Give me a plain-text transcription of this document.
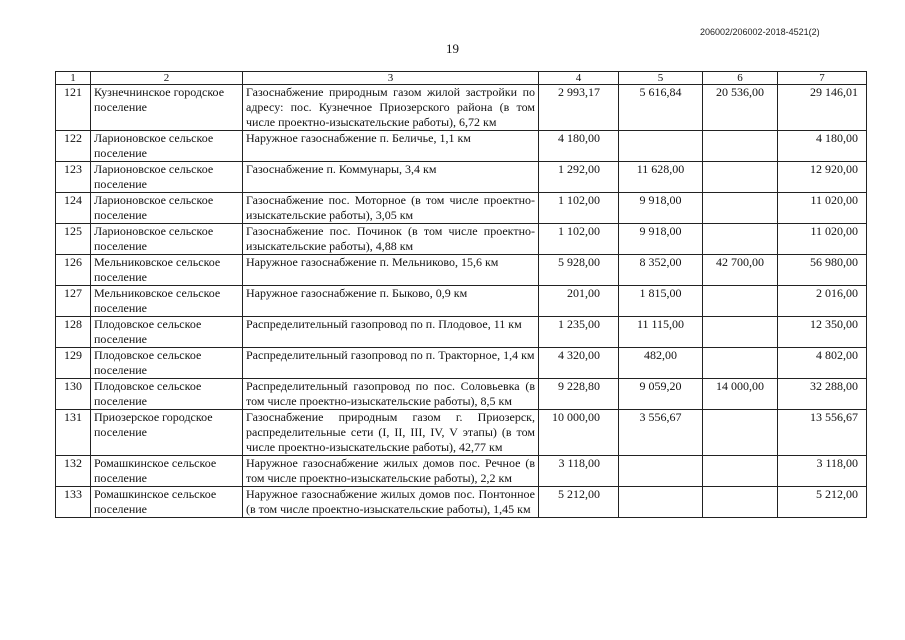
206002/206002-2018-4521(2)
19
1	2	3	4	5	6	7
121	Кузнечнинское городское поселение	Газоснабжение природным газом жилой застройки по адресу: пос. Кузнечное Приозерского района (в том числе проектно-изыскательские работы), 6,72 км	2 993,17	5 616,84	20 536,00	29 146,01
122	Ларионовское сельское поселение	Наружное газоснабжение п. Беличье, 1,1 км	4 180,00			4 180,00
123	Ларионовское сельское поселение	Газоснабжение п. Коммунары, 3,4 км	1 292,00	11 628,00		12 920,00
124	Ларионовское сельское поселение	Газоснабжение пос. Моторное (в том числе проектно-изыскательские работы), 3,05 км	1 102,00	9 918,00		11 020,00
125	Ларионовское сельское поселение	Газоснабжение пос. Починок (в том числе проектно-изыскательские работы), 4,88 км	1 102,00	9 918,00		11 020,00
126	Мельниковское сельское поселение	Наружное газоснабжение п. Мельниково, 15,6 км	5 928,00	8 352,00	42 700,00	56 980,00
127	Мельниковское сельское поселение	Наружное газоснабжение п. Быково, 0,9 км	201,00	1 815,00		2 016,00
128	Плодовское сельское поселение	Распределительный газопровод по п. Плодовое, 11 км	1 235,00	11 115,00		12 350,00
129	Плодовское сельское поселение	Распределительный газопровод по п. Тракторное, 1,4 км	4 320,00	482,00		4 802,00
130	Плодовское сельское поселение	Распределительный газопровод по пос. Соловьевка (в том числе проектно-изыскательские работы), 8,5 км	9 228,80	9 059,20	14 000,00	32 288,00
131	Приозерское городское поселение	Газоснабжение природным газом г. Приозерск, распределительные сети (I, II, III, IV, V этапы) (в том числе проектно-изыскательские работы), 42,77 км	10 000,00	3 556,67		13 556,67
132	Ромашкинское сельское поселение	Наружное газоснабжение жилых домов пос. Речное (в том числе проектно-изыскательские работы), 2,2 км	3 118,00			3 118,00
133	Ромашкинское сельское поселение	Наружное газоснабжение жилых домов пос. Понтонное (в том числе проектно-изыскательские работы), 1,45 км	5 212,00			5 212,00
